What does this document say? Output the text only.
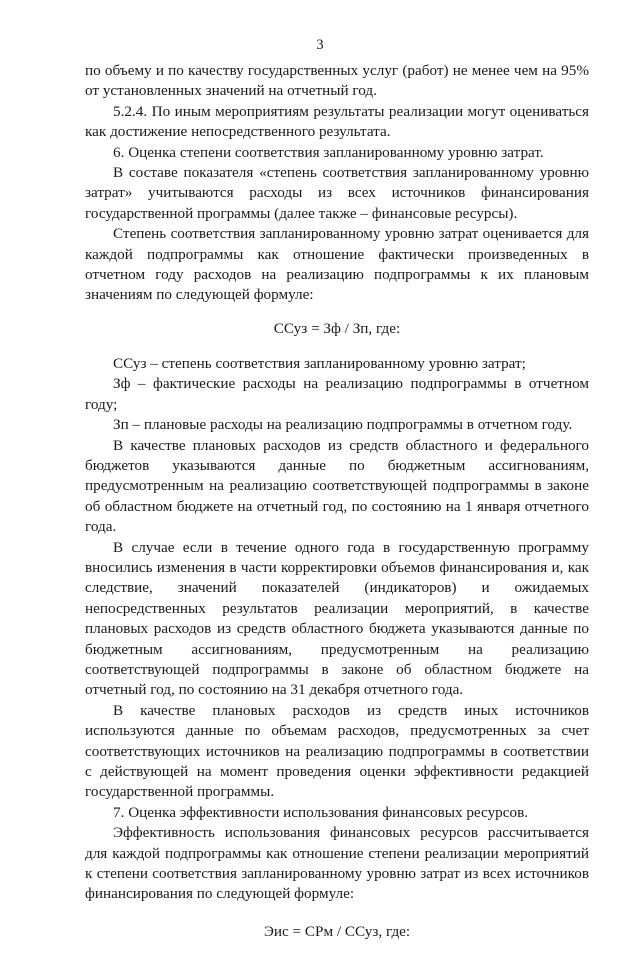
3

по объему и по качеству государственных услуг (работ) не менее чем на 95% от установленных значений на отчетный год.

5.2.4. По иным мероприятиям результаты реализации могут оцениваться как достижение непосредственного результата.

6. Оценка степени соответствия запланированному уровню затрат.

В составе показателя «степень соответствия запланированному уровню затрат» учитываются расходы из всех источников финансирования государственной программы (далее также – финансовые ресурсы).

Степень соответствия запланированному уровню затрат оценивается для каждой подпрограммы как отношение фактически произведенных в отчетном году расходов на реализацию подпрограммы к их плановым значениям по следующей формуле:

ССуз = Зф / Зп, где:

ССуз – степень соответствия запланированному уровню затрат;

Зф – фактические расходы на реализацию подпрограммы в отчетном году;

Зп – плановые расходы на реализацию подпрограммы в отчетном году.

В качестве плановых расходов из средств областного и федерального бюджетов указываются данные по бюджетным ассигнованиям, предусмотренным на реализацию соответствующей подпрограммы в законе об областном бюджете на отчетный год, по состоянию на 1 января отчетного года.

В случае если в течение одного года в государственную программу вносились изменения в части корректировки объемов финансирования и, как следствие, значений показателей (индикаторов) и ожидаемых непосредственных результатов реализации мероприятий, в качестве плановых расходов из средств областного бюджета указываются данные по бюджетным ассигнованиям, предусмотренным на реализацию соответствующей подпрограммы в законе об областном бюджете на отчетный год, по состоянию на 31 декабря отчетного года.

В качестве плановых расходов из средств иных источников используются данные по объемам расходов, предусмотренных за счет соответствующих источников на реализацию подпрограммы в соответствии с действующей на момент проведения оценки эффективности редакцией государственной программы.

7. Оценка эффективности использования финансовых ресурсов.

Эффективность использования финансовых ресурсов рассчитывается для каждой подпрограммы как отношение степени реализации мероприятий к степени соответствия запланированному уровню затрат из всех источников финансирования по следующей формуле:

Эис = СРм / ССуз, где:
